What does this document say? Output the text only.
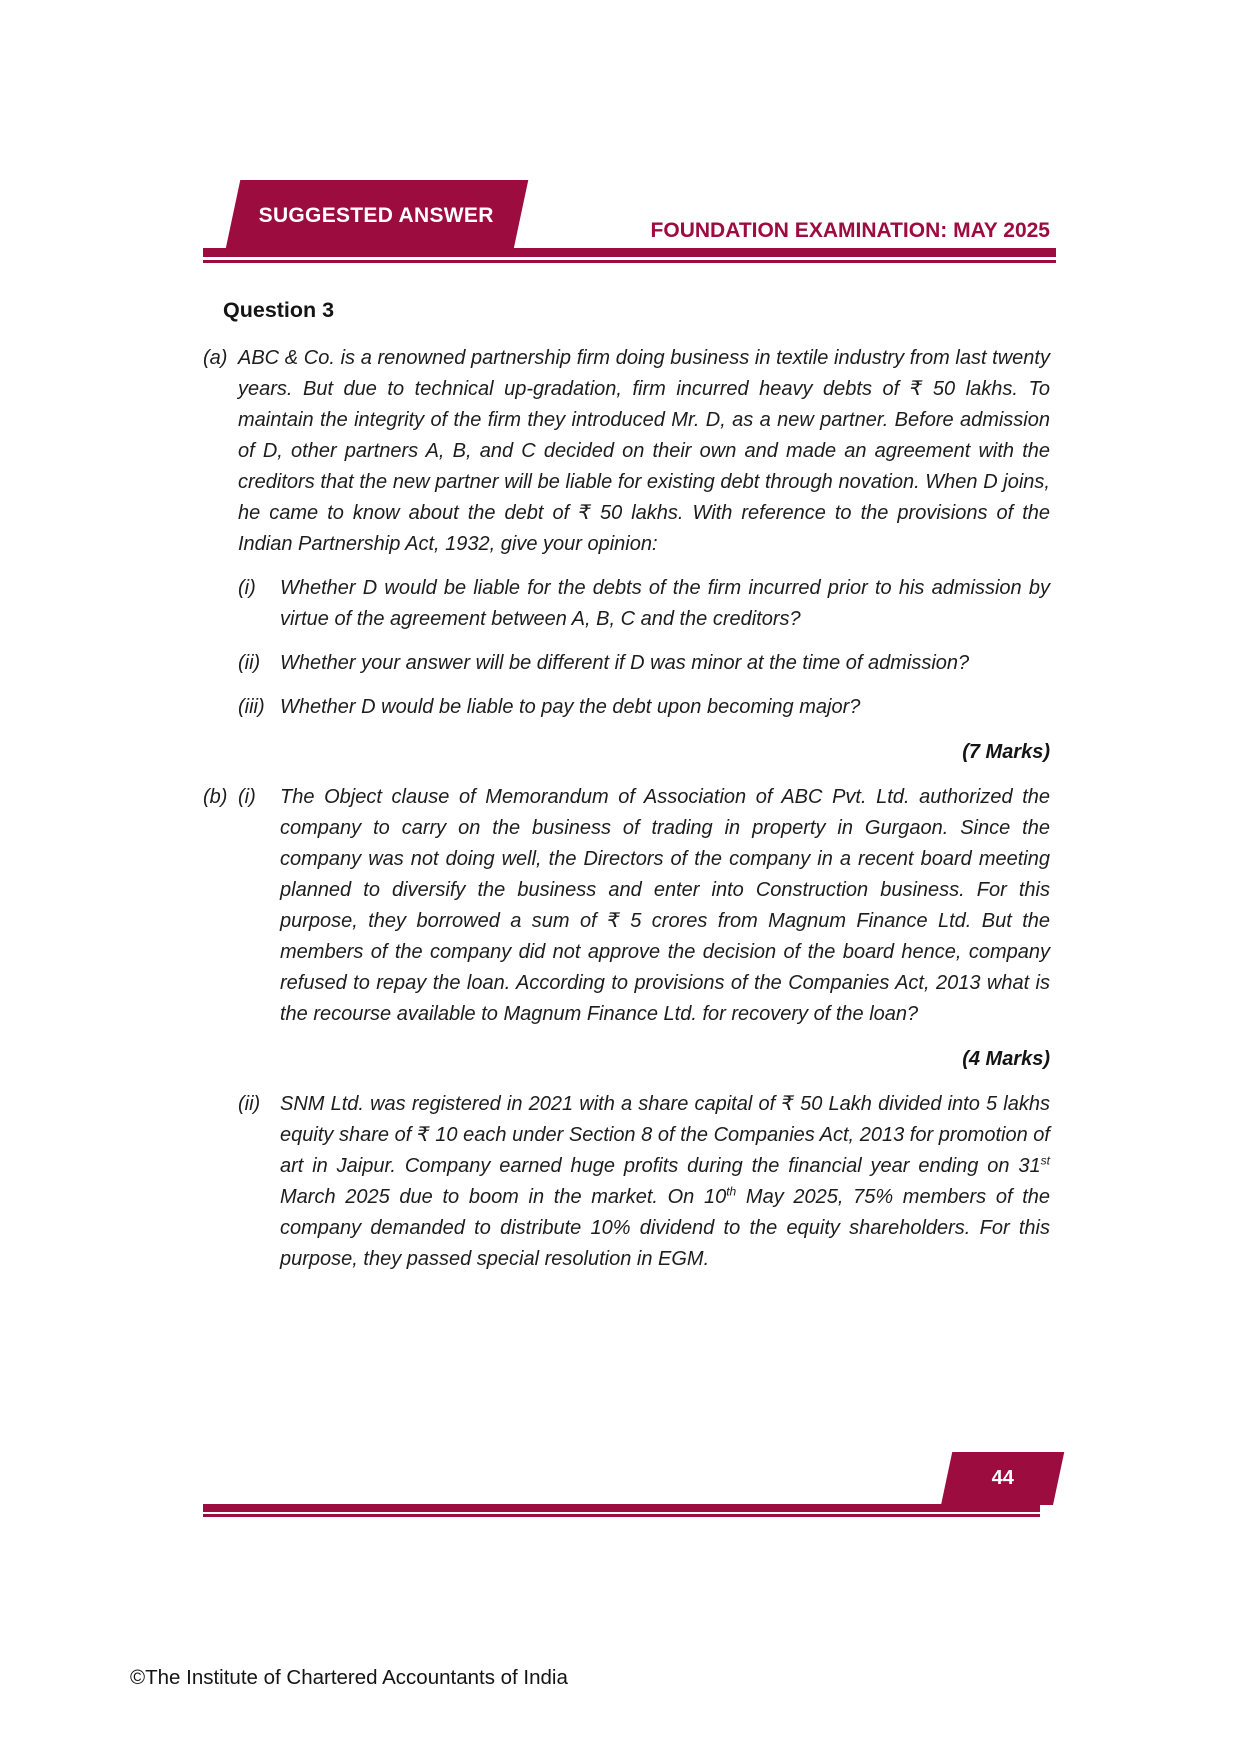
SUGGESTED ANSWER
FOUNDATION EXAMINATION: MAY 2025
Question 3
(a) ABC & Co. is a renowned partnership firm doing business in textile industry from last twenty years. But due to technical up-gradation, firm incurred heavy debts of ₹ 50 lakhs. To maintain the integrity of the firm they introduced Mr. D, as a new partner. Before admission of D, other partners A, B, and C decided on their own and made an agreement with the creditors that the new partner will be liable for existing debt through novation. When D joins, he came to know about the debt of ₹ 50 lakhs. With reference to the provisions of the Indian Partnership Act, 1932, give your opinion:
(i)	Whether D would be liable for the debts of the firm incurred prior to his admission by virtue of the agreement between A, B, C and the creditors?
(ii) Whether your answer will be different if D was minor at the time of admission?
(iii) Whether D would be liable to pay the debt upon becoming major?
(7 Marks)
(b) (i)	The Object clause of Memorandum of Association of ABC Pvt. Ltd. authorized the company to carry on the business of trading in property in Gurgaon. Since the company was not doing well, the Directors of the company in a recent board meeting planned to diversify the business and enter into Construction business. For this purpose, they borrowed a sum of ₹ 5 crores from Magnum Finance Ltd. But the members of the company did not approve the decision of the board hence, company refused to repay the loan. According to provisions of the Companies Act, 2013 what is the recourse available to Magnum Finance Ltd. for recovery of the loan?
(4 Marks)
(ii) SNM Ltd. was registered in 2021 with a share capital of ₹ 50 Lakh divided into 5 lakhs equity share of ₹ 10 each under Section 8 of the Companies Act, 2013 for promotion of art in Jaipur. Company earned huge profits during the financial year ending on 31st March 2025 due to boom in the market. On 10th May 2025, 75% members of the company demanded to distribute 10% dividend to the equity shareholders. For this purpose, they passed special resolution in EGM.
44
©The Institute of Chartered Accountants of India
